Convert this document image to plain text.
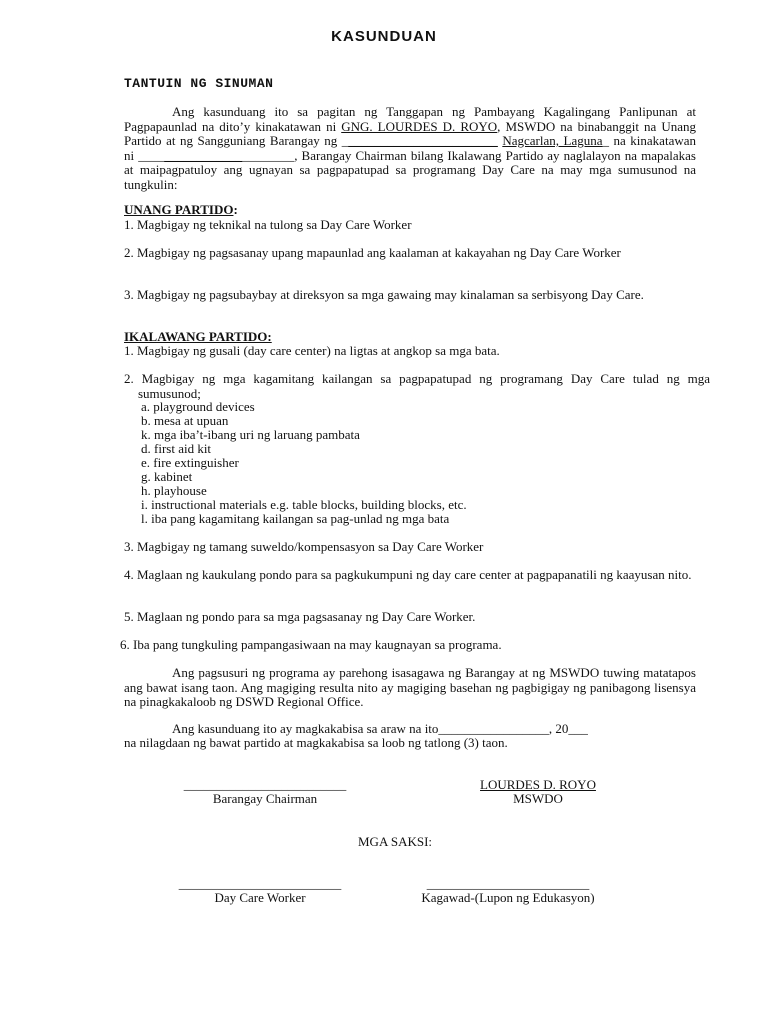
KASUNDUAN
TANTUIN NG SINUMAN
Ang kasunduang ito sa pagitan ng Tanggapan ng Pambayang Kagalingang Panlipunan at Pagpapaunlad na dito’y kinakatawan ni GNG. LOURDES D. ROYO, MSWDO na binabanggit na Unang Partido at ng Sangguniang Barangay ng ________________________ Nagcarlan, Laguna_ na kinakatawan ni ________________________, Barangay Chairman bilang Ikalawang Partido ay naglalayon na mapalakas at maipagpatuloy ang ugnayan sa pagpapatupad sa programang Day Care na may mga sumusunod na tungkulin:
UNANG PARTIDO:
1. Magbigay ng teknikal na tulong sa Day Care Worker
2. Magbigay ng pagsasanay upang mapaunlad ang kaalaman at kakayahan ng Day Care Worker
3. Magbigay ng pagsubaybay at direksyon sa mga gawaing may kinalaman sa serbisyong Day Care.
IKALAWANG PARTIDO:
1. Magbigay ng gusali (day care center) na ligtas at angkop sa mga bata.
2. Magbigay ng mga kagamitang kailangan sa pagpapatupad ng programang Day Care tulad ng mga sumusunod;
a. playground devices
b. mesa at upuan
k. mga iba’t-ibang uri ng laruang pambata
d. first aid kit
e. fire extinguisher
g. kabinet
h. playhouse
i. instructional materials e.g. table blocks, building blocks, etc.
l. iba pang kagamitang kailangan sa pag-unlad ng mga bata
3. Magbigay ng tamang suweldo/kompensasyon sa Day Care Worker
4. Maglaan ng kaukulang pondo para sa pagkukumpuni ng day care center at pagpapanatili ng kaayusan nito.
5. Maglaan ng pondo para sa mga pagsasanay ng Day Care Worker.
6. Iba pang tungkuling pampangasiwaan na may kaugnayan sa programa.
Ang pagsusuri ng programa ay parehong isasagawa ng Barangay at ng MSWDO tuwing matatapos ang bawat isang taon. Ang magiging resulta nito ay magiging basehan ng pagbigigay ng panibagong lisensya na pinagkakaloob ng DSWD Regional Office.
Ang kasunduang ito ay magkakabisa sa araw na ito_________________, 20___
na nilagdaan ng bawat partido at magkakabisa sa loob ng tatlong (3) taon.
_________________________
Barangay Chairman
LOURDES D. ROYO
MSWDO
MGA SAKSI:
_________________________
Day Care Worker
_________________________
Kagawad-(Lupon ng Edukasyon)
